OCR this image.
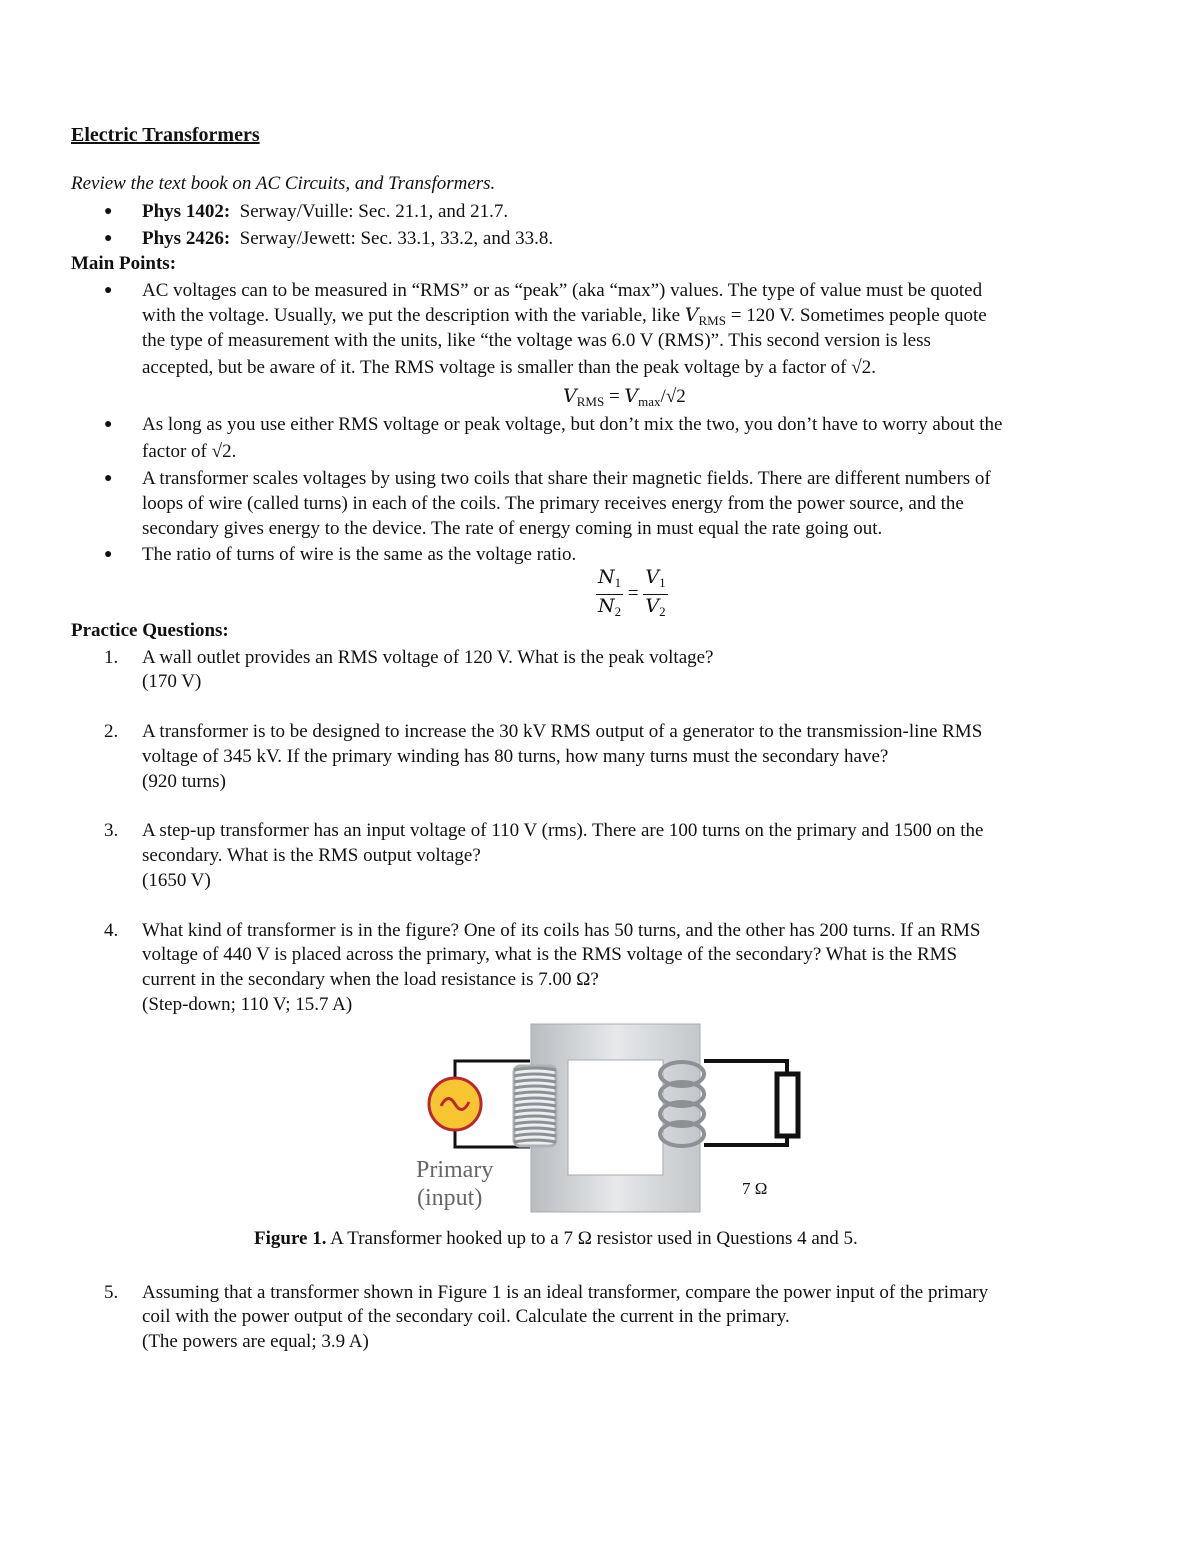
Electric Transformers
Review the text book on AC Circuits, and Transformers.
● Phys 1402: Serway/Vuille: Sec. 21.1, and 21.7.
● Phys 2426: Serway/Jewett: Sec. 33.1, 33.2, and 33.8.
Main Points:
● AC voltages can to be measured in “RMS” or as “peak” (aka “max”) values. The type of value must be quoted
with the voltage. Usually, we put the description with the variable, like $V_{RMS} = 120$ V. Sometimes people quote
the type of measurement with the units, like “the voltage was 6.0 V (RMS)”. This second version is less
accepted, but be aware of it. The RMS voltage is smaller than the peak voltage by a factor of √2.
$V_{RMS} = V_{max}/√2$
● As long as you use either RMS voltage or peak voltage, but don’t mix the two, you don’t have to worry about the
factor of √2.
● A transformer scales voltages by using two coils that share their magnetic fields. There are different numbers of
loops of wire (called turns) in each of the coils. The primary receives energy from the power source, and the
secondary gives energy to the device. The rate of energy coming in must equal the rate going out.
● The ratio of turns of wire is the same as the voltage ratio.
$\frac{N_1}{N_2} = \frac{V_1}{V_2}$
Practice Questions:
1.	A wall outlet provides an RMS voltage of 120 V. What is the peak voltage?
(170 V)
2.	A transformer is to be designed to increase the 30 kV RMS output of a generator to the transmission-line RMS
voltage of 345 kV. If the primary winding has 80 turns, how many turns must the secondary have?
(920 turns)
3.	A step-up transformer has an input voltage of 110 V (rms). There are 100 turns on the primary and 1500 on the
secondary. What is the RMS output voltage?
(1650 V)
4.	What kind of transformer is in the figure? One of its coils has 50 turns, and the other has 200 turns. If an RMS
voltage of 440 V is placed across the primary, what is the RMS voltage of the secondary? What is the RMS
current in the secondary when the load resistance is 7.00 Ω?
(Step-down; 110 V; 15.7 A)
Primary
(input)	7 Ω
Figure 1. A Transformer hooked up to a 7 Ω resistor used in Questions 4 and 5.
5.	Assuming that a transformer shown in Figure 1 is an ideal transformer, compare the power input of the primary
coil with the power output of the secondary coil. Calculate the current in the primary.
(The powers are equal; 3.9 A)
